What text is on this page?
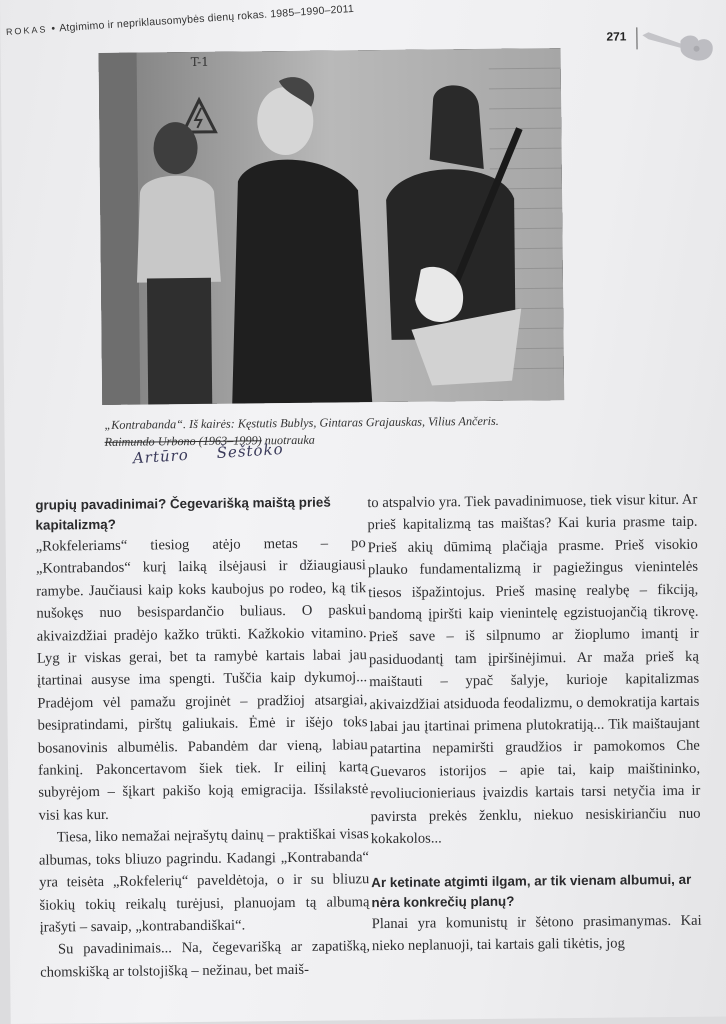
ROKAS • Atgimimo ir nepriklausomybės dienų rokas. 1985–1990–2011
271
T-1
„Kontrabanda“. Iš kairės: Kęstutis Bublys, Gintaras Grajauskas, Vilius Ančeris.
Raimundo Urbono (1963–1999) nuotrauka
Artūro Šeštoko
grupių pavadinimai? Čegevarišką maištą prieš kapitalizmą?

„Rokfeleriams“ tiesiog atėjo metas – po „Kontrabandos“ kurį laiką ilsėjausi ir džiaugiausi ramybe. Jaučiausi kaip koks kaubojus po rodeo, ką tik nušokęs nuo besispardančio buliaus. O paskui akivaizdžiai pradėjo kažko trūkti. Kažkokio vitamino. Lyg ir viskas gerai, bet ta ramybė kartais labai jau įtartinai ausyse ima spengti. Tuščia kaip dykumoj... Pradėjom vėl pamažu grojinėt – pradžioj atsargiai, besipratindami, pirštų galiukais. Ėmė ir išėjo toks bosanovinis albumėlis. Pabandėm dar vieną, labiau fankinį. Pakoncertavom šiek tiek. Ir eilinį kartą subyrėjom – šįkart pakišo koją emigracija. Išsilakstė visi kas kur.

Tiesa, liko nemažai neįrašytų dainų – praktiškai visas albumas, toks bliuzo pagrindu. Kadangi „Kontrabanda“ yra teisėta „Rokfelerių“ paveldėtoja, o ir su bliuzu šiokių tokių reikalų turėjusi, planuojam tą albumą įrašyti – savaip, „kontrabandiškai“.

Su pavadinimais... Na, čegevarišką ar zapatišką, chomskišką ar tolstojišką – nežinau, bet maiš-

to atspalvio yra. Tiek pavadinimuose, tiek visur kitur. Ar prieš kapitalizmą tas maištas? Kai kuria prasme taip. Prieš akių dūmimą plačiąja prasme. Prieš visokio plauko fundamentalizmą ir pagiežingus vienintelės tiesos išpažintojus. Prieš masinę realybę – fikciją, bandomą įpiršti kaip vienintelę egzistuojančią tikrovę. Prieš save – iš silpnumo ar žioplumo imantį ir pasiduodantį tam įpiršinėjimui. Ar maža prieš ką maištauti – ypač šalyje, kurioje kapitalizmas akivaizdžiai atsiduoda feodalizmu, o demokratija kartais labai jau įtartinai primena plutokratiją... Tik maištaujant patartina nepamiršti graudžios ir pamokomos Che Guevaros istorijos – apie tai, kaip maištininko, revoliucionieriaus įvaizdis kartais tarsi netyčia ima ir pavirsta prekės ženklu, niekuo nesiskiriančiu nuo kokakolos...

Ar ketinate atgimti ilgam, ar tik vienam albumui, ar nėra konkrečių planų?

Planai yra komunistų ir šėtono prasimanymas. Kai nieko neplanuoji, tai kartais gali tikėtis, jog
